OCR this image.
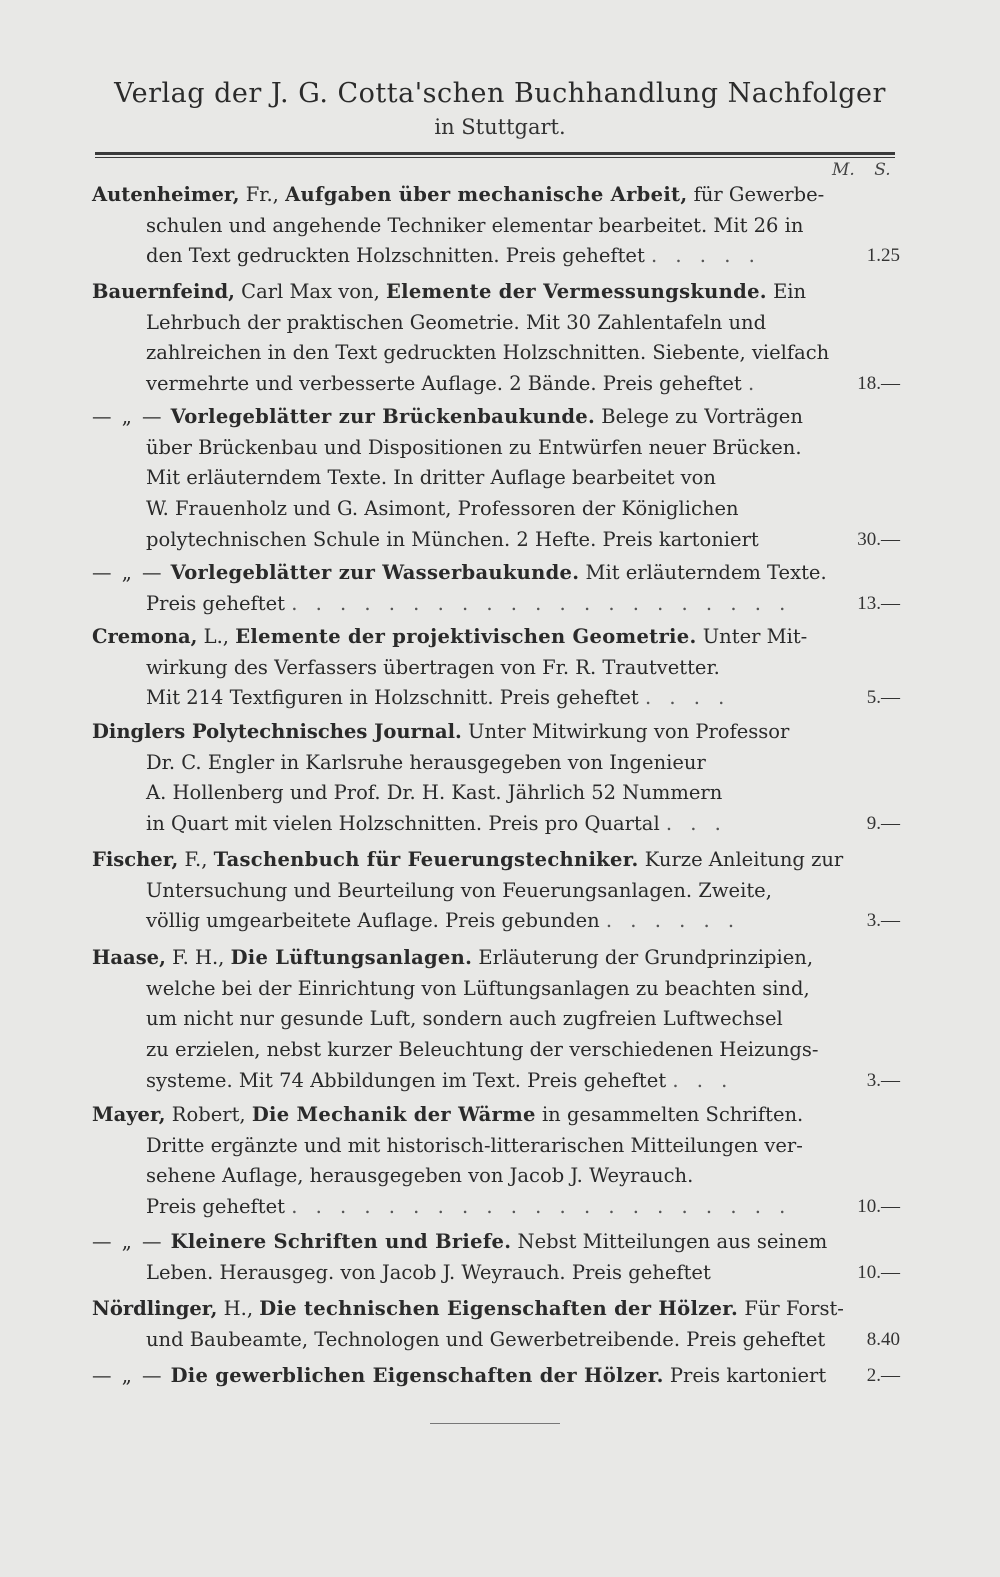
Verlag der J. G. Cotta'schen Buchhandlung Nachfolger
in Stuttgart.
M. S.
Autenheimer, Fr., Aufgaben über mechanische Arbeit, für Gewerbe-
schulen und angehende Techniker elementar bearbeitet. Mit 26 in
den Text gedruckten Holzschnitten. Preis geheftet . . . . .	1.25
Bauernfeind, Carl Max von, Elemente der Vermessungskunde. Ein
Lehrbuch der praktischen Geometrie. Mit 30 Zahlentafeln und
zahlreichen in den Text gedruckten Holzschnitten. Siebente, vielfach
vermehrte und verbesserte Auflage. 2 Bände. Preis geheftet .	18.—
— „ — Vorlegeblätter zur Brückenbaukunde. Belege zu Vorträgen
über Brückenbau und Dispositionen zu Entwürfen neuer Brücken.
Mit erläuterndem Texte. In dritter Auflage bearbeitet von
W. Frauenholz und G. Asimont, Professoren der Königlichen
polytechnischen Schule in München. 2 Hefte. Preis kartoniert	30.—
— „ — Vorlegeblätter zur Wasserbaukunde. Mit erläuterndem Texte.
Preis geheftet . . . . . . . . . . . . . . . . . . . . .	13.—
Cremona, L., Elemente der projektivischen Geometrie. Unter Mit-
wirkung des Verfassers übertragen von Fr. R. Trautvetter.
Mit 214 Textfiguren in Holzschnitt. Preis geheftet . . . .	5.—
Dinglers Polytechnisches Journal. Unter Mitwirkung von Professor
Dr. C. Engler in Karlsruhe herausgegeben von Ingenieur
A. Hollenberg und Prof. Dr. H. Kast. Jährlich 52 Nummern
in Quart mit vielen Holzschnitten. Preis pro Quartal . . .	9.—
Fischer, F., Taschenbuch für Feuerungstechniker. Kurze Anleitung zur
Untersuchung und Beurteilung von Feuerungsanlagen. Zweite,
völlig umgearbeitete Auflage. Preis gebunden . . . . . .	3.—
Haase, F. H., Die Lüftungsanlagen. Erläuterung der Grundprinzipien,
welche bei der Einrichtung von Lüftungsanlagen zu beachten sind,
um nicht nur gesunde Luft, sondern auch zugfreien Luftwechsel
zu erzielen, nebst kurzer Beleuchtung der verschiedenen Heizungs-
systeme. Mit 74 Abbildungen im Text. Preis geheftet . . .	3.—
Mayer, Robert, Die Mechanik der Wärme in gesammelten Schriften.
Dritte ergänzte und mit historisch-litterarischen Mitteilungen ver-
sehene Auflage, herausgegeben von Jacob J. Weyrauch.
Preis geheftet . . . . . . . . . . . . . . . . . . . . .	10.—
— „ — Kleinere Schriften und Briefe. Nebst Mitteilungen aus seinem
Leben. Herausgeg. von Jacob J. Weyrauch. Preis geheftet	10.—
Nördlinger, H., Die technischen Eigenschaften der Hölzer. Für Forst-
und Baubeamte, Technologen und Gewerbetreibende. Preis geheftet 8.40
— „ — Die gewerblichen Eigenschaften der Hölzer. Preis kartoniert 2.—
